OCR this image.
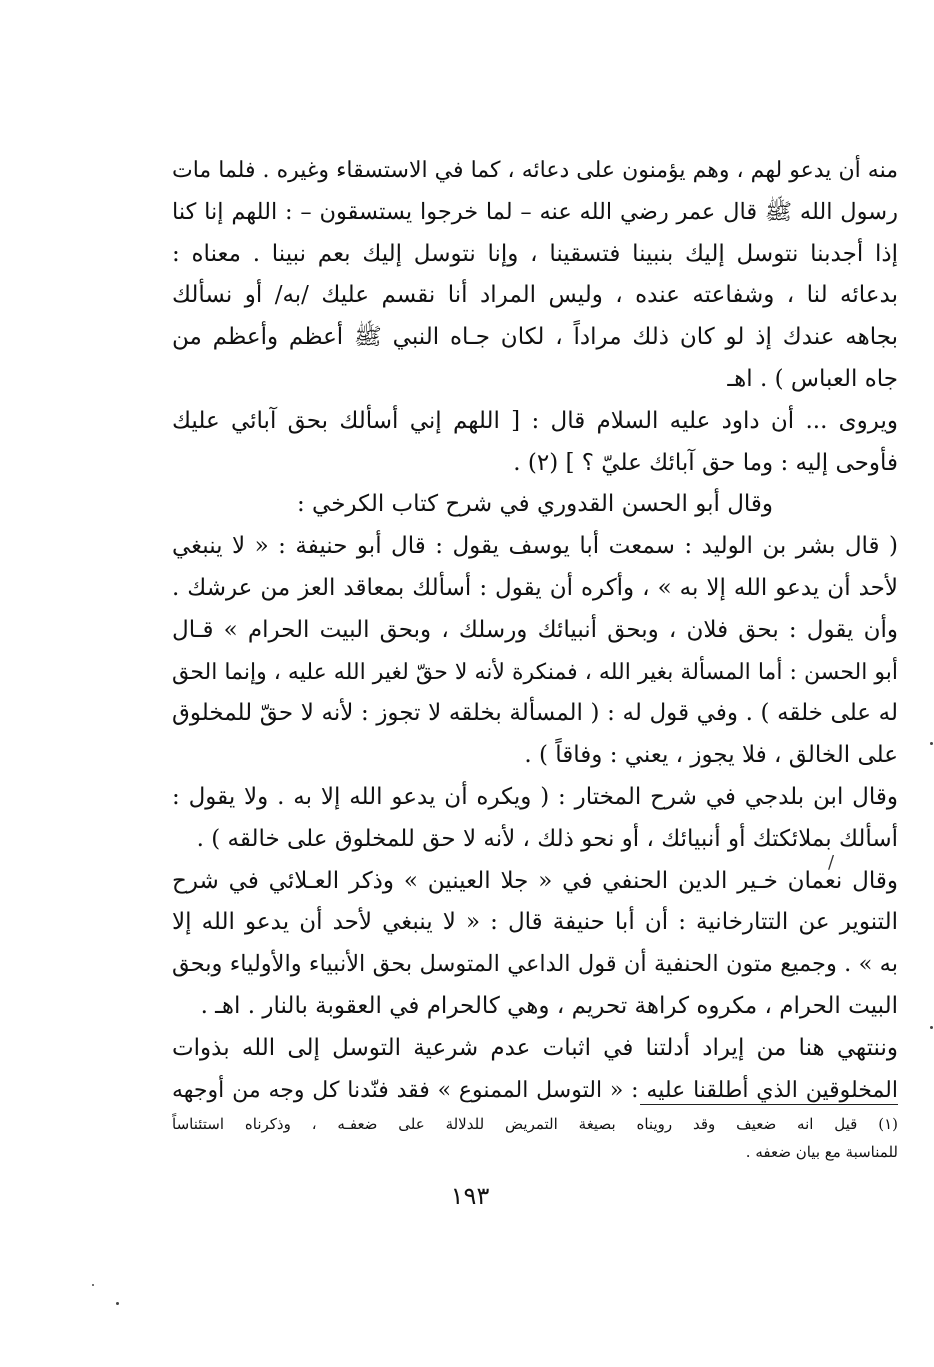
منه أن يدعو لهم ، وهم يؤمنون على دعائه ، كما في الاستسقاء وغيره . فلما مات
رسول الله ﷺ قال عمر رضي الله عنه – لما خرجوا يستسقون – : اللهم إنا كنا
إذا أجدبنا نتوسل إليك بنبينا فتسقينا ، وإنا نتوسل إليك بعم نبينا . معناه :
بدعائه لنا ، وشفاعته عنده ، وليس المراد أنا نقسم عليك /به/ أو نسألك
بجاهه عندك إذ لو كان ذلك مراداً ، لكان جـاه النبي ﷺ أعظم وأعظم من
جاه العباس ) . اهـ

ويروى ... أن داود عليه السلام قال : [ اللهم إني أسألك بحق آبائي عليك
فأوحى إليه : وما حق آبائك عليّ ؟ ] (٢) .

وقال أبو الحسن القدوري في شرح كتاب الكرخي :

( قال بشر بن الوليد : سمعت أبا يوسف يقول : قال أبو حنيفة : « لا ينبغي
لأحد أن يدعو الله إلا به » ، وأكره أن يقول : أسألك بمعاقد العز من عرشك .
وأن يقول : بحق فلان ، وبحق أنبيائك ورسلك ، وبحق البيت الحرام » قـال
أبو الحسن : أما المسألة بغير الله ، فمنكرة لأنه لا حقّ لغير الله عليه ، وإنما الحق
له على خلقه ) . وفي قول له : ( المسألة بخلقه لا تجوز : لأنه لا حقّ للمخلوق
على الخالق ، فلا يجوز ، يعني : وفاقاً ) .

وقال ابن بلدجي في شرح المختار : ( ويكره أن يدعو الله إلا به . ولا يقول :
أسألك بملائكتك أو أنبيائك ، أو نحو ذلك ، لأنه لا حق للمخلوق على خالقه ) .

وقال نعمان خـير الدين الحنفي في « جلا العينين » وذكر العـلائي في شرح
التنوير عن التتارخانية : أن أبا حنيفة قال : « لا ينبغي لأحد أن يدعو الله إلا
به » . وجميع متون الحنفية أن قول الداعي المتوسل بحق الأنبياء والأولياء وبحق
البيت الحرام ، مكروه كراهة تحريم ، وهي كالحرام في العقوبة بالنار . اهـ .

وننتهي هنا من إيراد أدلتنا في اثبات عدم شرعية التوسل إلى الله بذوات
المخلوقين الذي أطلقنا عليه : « التوسل الممنوع » فقد فنّدنا كل وجه من أوجهه

/
(١) قيل انه ضعيف وقد رويناه بصيغة التمريض للدلالة على ضعفـه ، وذكرناه استئناساً
للمناسبة مع بيان ضعفه .
١٩٣
